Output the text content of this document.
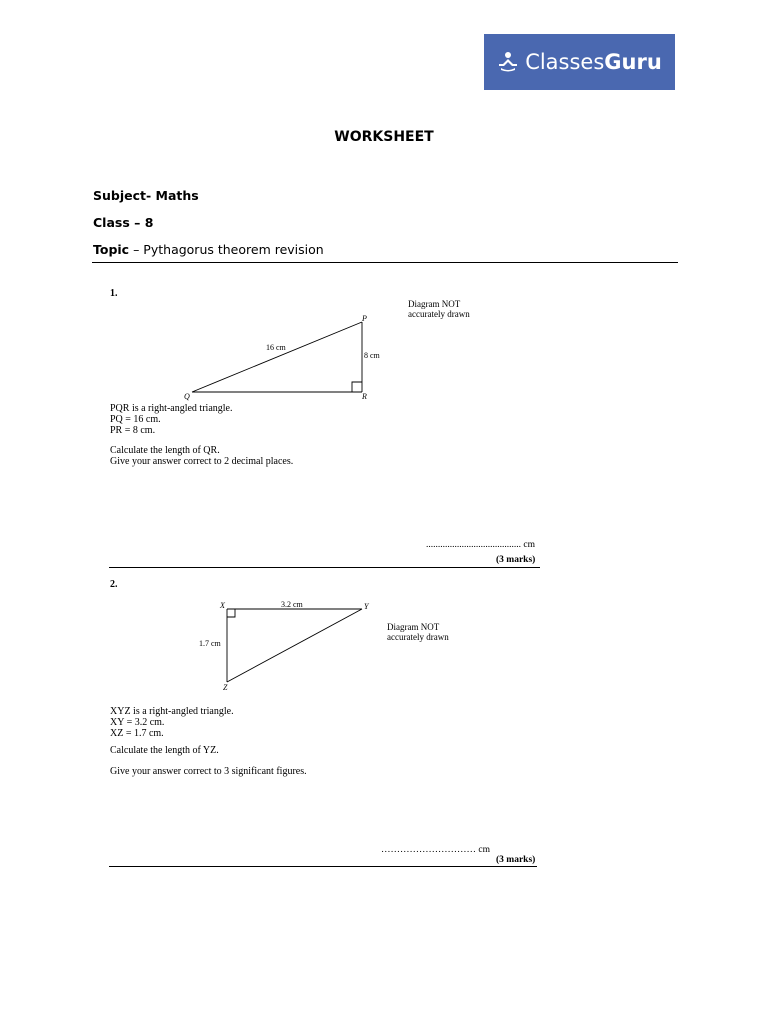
Classes Guru
WORKSHEET
Subject- Maths
Class – 8
Topic – Pythagorus theorem revision
1.
Diagram NOT
accurately drawn
16 cm
8 cm
P
Q	R
PQR is a right-angled triangle.
PQ = 16 cm.
PR = 8 cm.
Calculate the length of QR.
Give your answer correct to 2 decimal places.
........................................ cm
(3 marks)
2.
Diagram NOT
accurately drawn
3.2 cm
1.7 cm
X	Y
Z
XYZ is a right-angled triangle.
XY = 3.2 cm.
XZ = 1.7 cm.
Calculate the length of YZ.
Give your answer correct to 3 significant figures.
………………………… cm
(3 marks)
